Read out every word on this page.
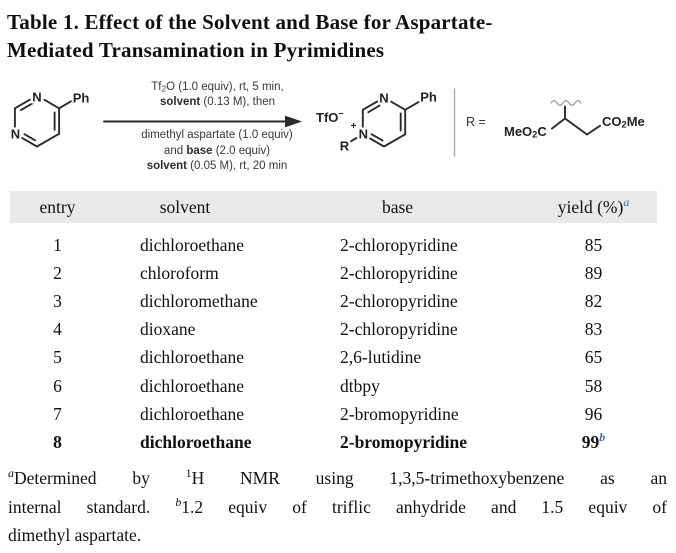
Table 1. Effect of the Solvent and Base for Aspartate-
Mediated Transamination in Pyrimidines
Tf2O (1.0 equiv), rt, 5 min,
solvent (0.13 M), then
dimethyl aspartate (1.0 equiv)
and base (2.0 equiv)
solvent (0.05 M), rt, 20 min
N
N
Ph
TfO−
N
N
+
R
Ph
R =
MeO2C
CO2Me
entry	solvent	base	yield (%)$^a$
1	dichloroethane	2-chloropyridine	85
2	chloroform	2-chloropyridine	89
3	dichloromethane	2-chloropyridine	82
4	dioxane	2-chloropyridine	83
5	dichloroethane	2,6-lutidine	65
6	dichloroethane	dtbpy	58
7	dichloroethane	2-bromopyridine	96
8	dichloroethane	2-bromopyridine	99$^b$
$^a$Determined by $^1$H NMR using 1,3,5-trimethoxybenzene as an
internal standard. $^b$1.2 equiv of triflic anhydride and 1.5 equiv of
dimethyl aspartate.
